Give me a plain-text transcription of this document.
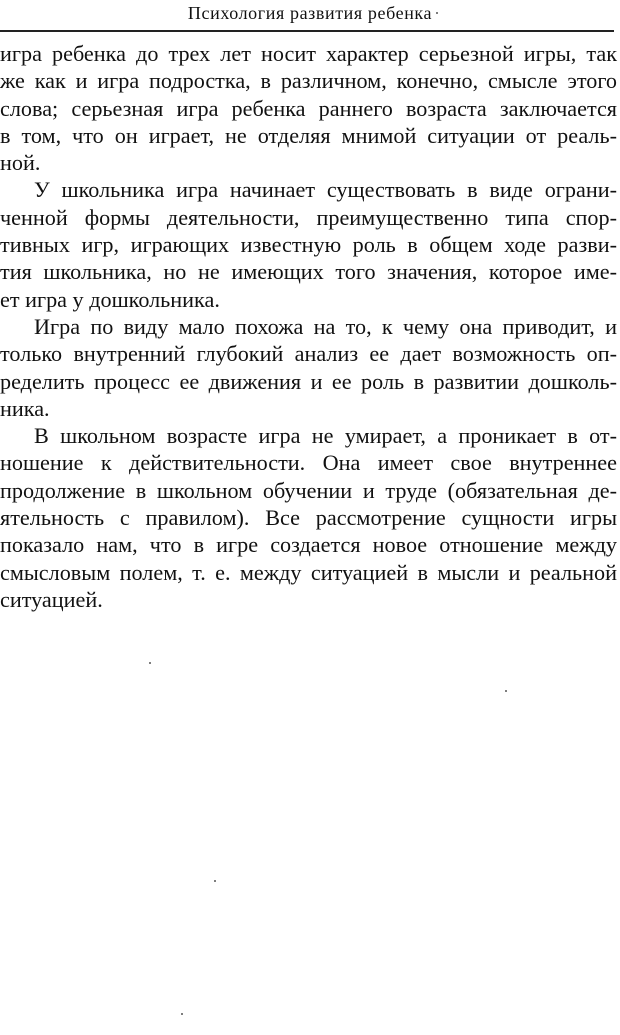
Психология развития ребенка
игра ребенка до трех лет носит характер серьезной игры, так
же как и игра подростка, в различном, конечно, смысле этого
слова; серьезная игра ребенка раннего возраста заключается
в том, что он играет, не отделяя мнимой ситуации от реаль-
ной.
У школьника игра начинает существовать в виде ограни-
ченной формы деятельности, преимущественно типа спор-
тивных игр, играющих известную роль в общем ходе разви-
тия школьника, но не имеющих того значения, которое име-
ет игра у дошкольника.
Игра по виду мало похожа на то, к чему она приводит, и
только внутренний глубокий анализ ее дает возможность оп-
ределить процесс ее движения и ее роль в развитии дошколь-
ника.
В школьном возрасте игра не умирает, а проникает в от-
ношение к действительности. Она имеет свое внутреннее
продолжение в школьном обучении и труде (обязательная де-
ятельность с правилом). Все рассмотрение сущности игры
показало нам, что в игре создается новое отношение между
смысловым полем, т. е. между ситуацией в мысли и реальной
ситуацией.
